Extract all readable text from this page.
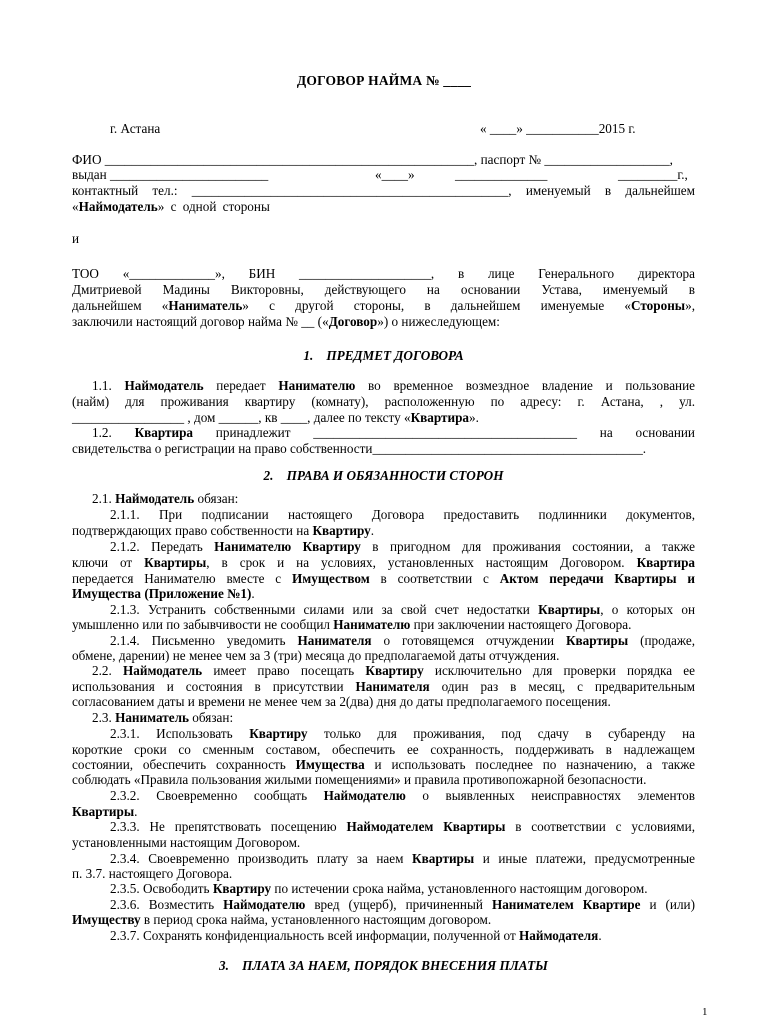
ДОГОВОР НАЙМА № ____
г. Астана	« ____» ___________2015 г.
ФИО ________________________________________________________, паспорт № ___________________,
выдан ________________________	«____»	______________	_________г.,
контактный тел.: ________________________________________________, именуемый в дальнейшем
«Наймодатель» с одной стороны
и
ТОО «_____________», БИН ____________________, в лице Генерального директора
Дмитриевой Мадины Викторовны, действующего на основании Устава, именуемый в
дальнейшем «Наниматель» с другой стороны, в дальнейшем именуемые «Стороны»,
заключили настоящий договор найма № __ («Договор») о нижеследующем:
1.    ПРЕДМЕТ ДОГОВОРА
1.1. Наймодатель передает Нанимателю во временное возмездное владение и пользование
(найм) для проживания квартиру (комнату), расположенную по адресу: г. Астана, , ул.
_________________ , дом ______, кв ____, далее по тексту «Квартира».
1.2. Квартира принадлежит ________________________________________ на основании
свидетельства о регистрации на право собственности_________________________________________.
2.    ПРАВА И ОБЯЗАННОСТИ СТОРОН
2.1. Наймодатель обязан:
2.1.1. При подписании настоящего Договора предоставить подлинники документов,
подтверждающих право собственности на Квартиру.
2.1.2. Передать Нанимателю Квартиру в пригодном для проживания состоянии, а также
ключи от Квартиры, в срок и на условиях, установленных настоящим Договором. Квартира
передается Нанимателю вместе с Имуществом в соответствии с Актом передачи Квартиры и
Имущества (Приложение №1).
2.1.3. Устранить собственными силами или за свой счет недостатки Квартиры, о которых он
умышленно или по забывчивости не сообщил Нанимателю при заключении настоящего Договора.
2.1.4. Письменно уведомить Нанимателя о готовящемся отчуждении Квартиры (продаже,
обмене, дарении) не менее чем за 3 (три) месяца до предполагаемой даты отчуждения.
2.2. Наймодатель имеет право посещать Квартиру исключительно для проверки порядка ее
использования и состояния в присутствии Нанимателя один раз в месяц, с предварительным
согласованием даты и времени не менее чем за 2(два) дня до даты предполагаемого посещения.
2.3. Наниматель обязан:
2.3.1. Использовать Квартиру только для проживания, под сдачу в субаренду на
короткие сроки со сменным составом, обеспечить ее сохранность, поддерживать в надлежащем
состоянии, обеспечить сохранность Имущества и использовать последнее по назначению, а также
соблюдать «Правила пользования жилыми помещениями» и правила противопожарной безопасности.
2.3.2. Своевременно сообщать Наймодателю о выявленных неисправностях элементов
Квартиры.
2.3.3. Не препятствовать посещению Наймодателем Квартиры в соответствии с условиями,
установленными настоящим Договором.
2.3.4. Своевременно производить плату за наем Квартиры и иные платежи, предусмотренные
п. 3.7. настоящего Договора.
2.3.5. Освободить Квартиру по истечении срока найма, установленного настоящим договором.
2.3.6. Возместить Наймодателю вред (ущерб), причиненный Нанимателем Квартире и (или)
Имуществу в период срока найма, установленного настоящим договором.
2.3.7. Сохранять конфиденциальность всей информации, полученной от Наймодателя.
3.    ПЛАТА ЗА НАЕМ, ПОРЯДОК ВНЕСЕНИЯ ПЛАТЫ
1
